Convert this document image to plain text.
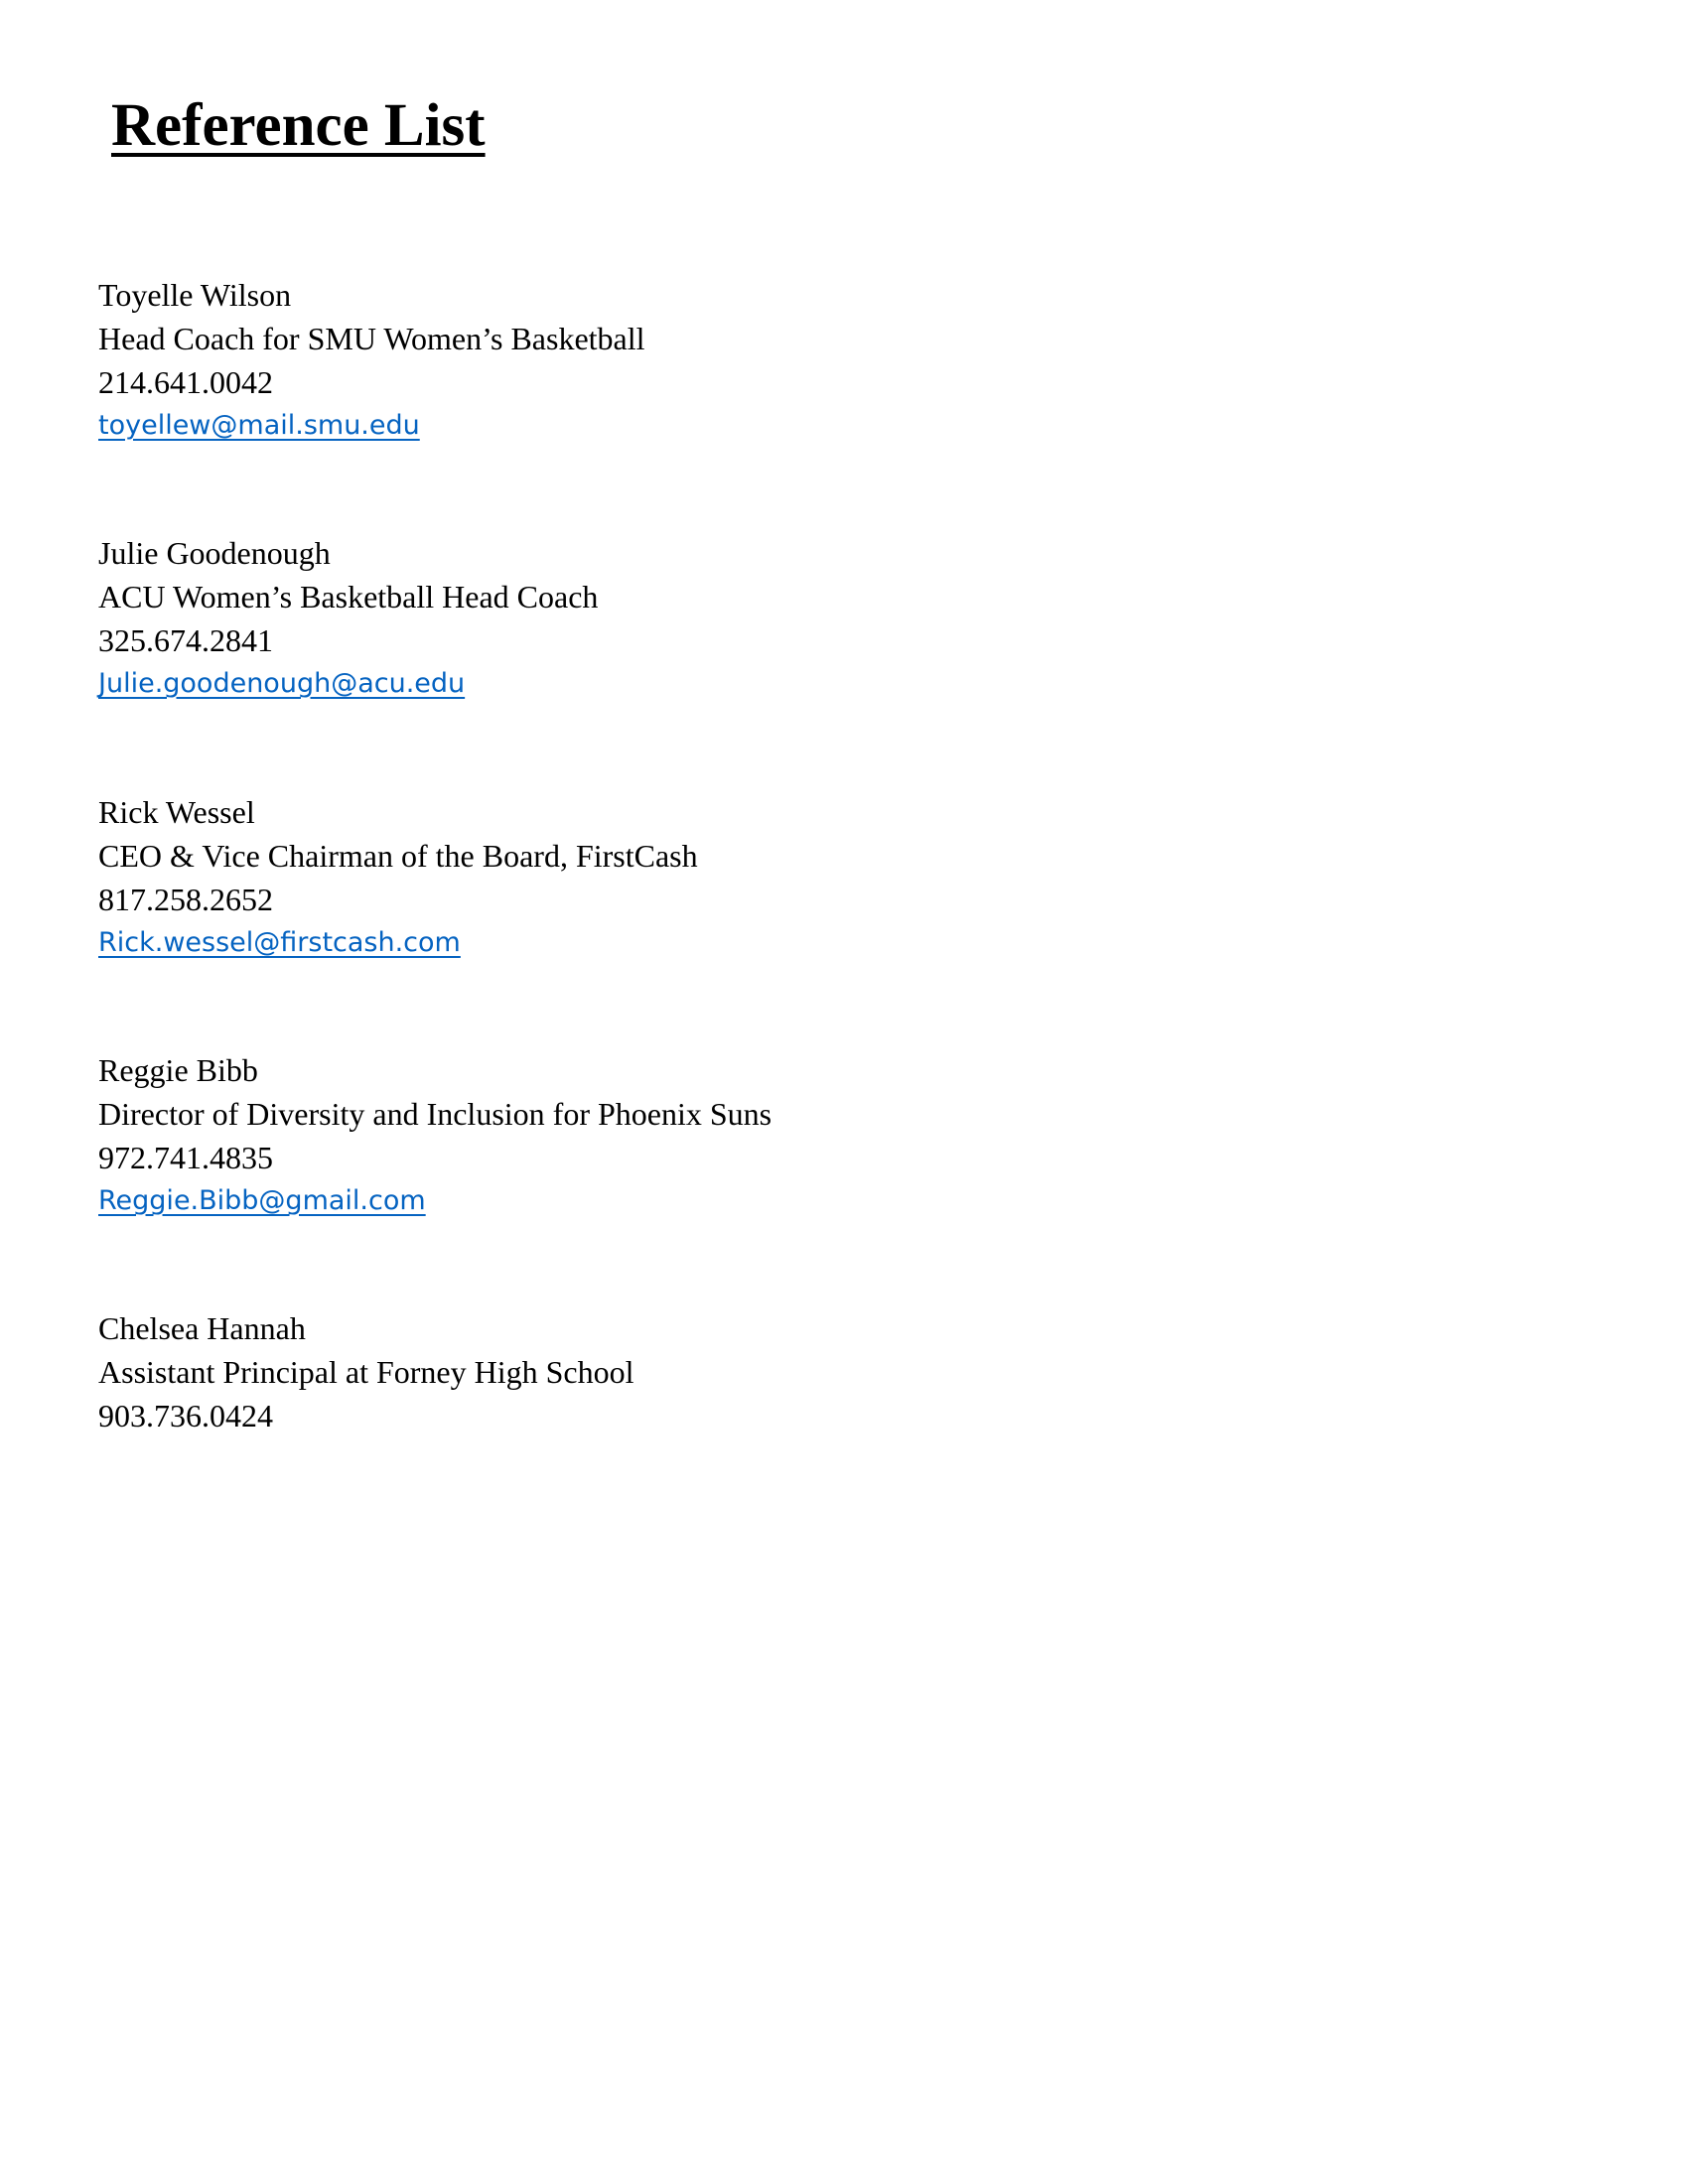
Reference List
Toyelle Wilson
Head Coach for SMU Women’s Basketball
214.641.0042
toyellew@mail.smu.edu
Julie Goodenough
ACU Women’s Basketball Head Coach
325.674.2841
Julie.goodenough@acu.edu
Rick Wessel
CEO & Vice Chairman of the Board, FirstCash
817.258.2652
Rick.wessel@firstcash.com
Reggie Bibb
Director of Diversity and Inclusion for Phoenix Suns
972.741.4835
Reggie.Bibb@gmail.com
Chelsea Hannah
Assistant Principal at Forney High School
903.736.0424
